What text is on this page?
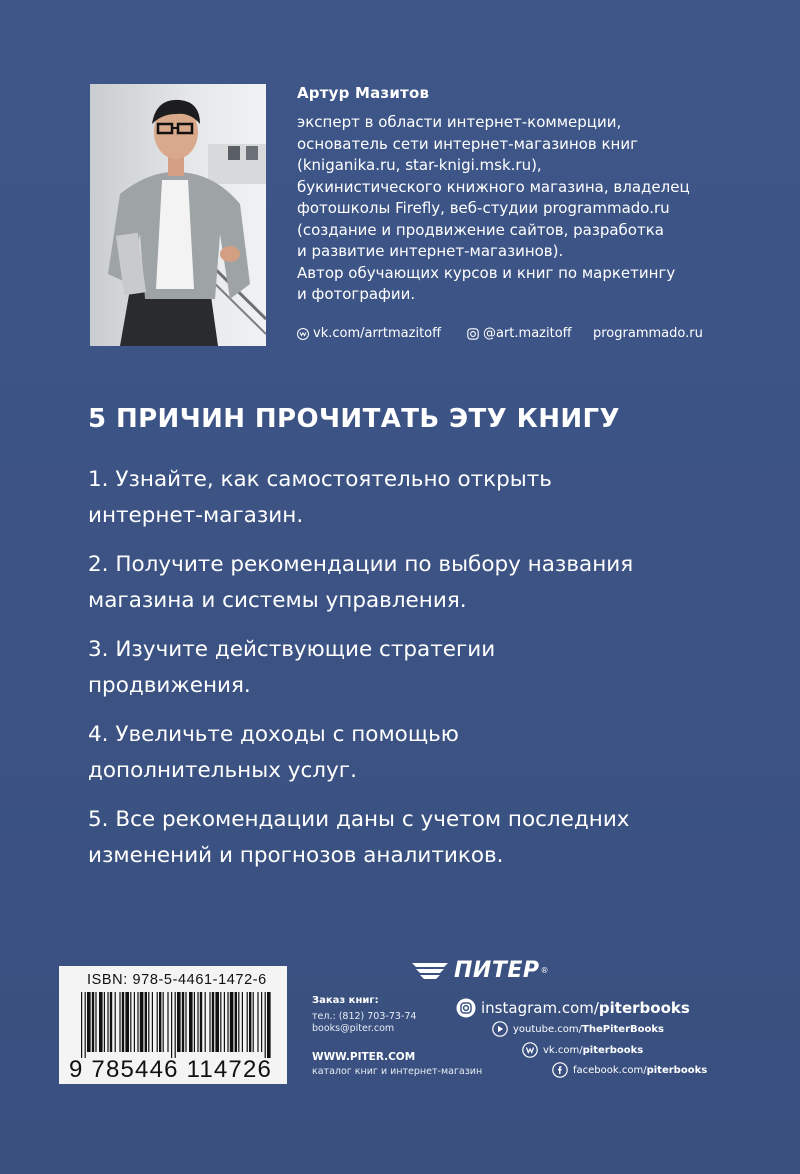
Артур Мазитов
эксперт в области интернет-коммерции,
основатель сети интернет-магазинов книг
(kniganika.ru, star-knigi.msk.ru),
букинистического книжного магазина, владелец
фотошколы Firefly, веб-студии programmado.ru
(создание и продвижение сайтов, разработка
и развитие интернет-магазинов).
Автор обучающих курсов и книг по маркетингу
и фотографии.
vk.com/arrtmazitoff	@art.mazitoff programmado.ru
5 ПРИЧИН ПРОЧИТАТЬ ЭТУ КНИГУ
1. Узнайте, как самостоятельно открыть
интернет-магазин.
2. Получите рекомендации по выбору названия
магазина и системы управления.
3. Изучите действующие стратегии
продвижения.
4. Увеличьте доходы с помощью
дополнительных услуг.
5. Все рекомендации даны с учетом последних
изменений и прогнозов аналитиков.
ISBN: 978-5-4461-1472-6
9 785446 114726
ПИТЕР ®
Заказ книг:
тел.: (812) 703-73-74
books@piter.com
WWW.PITER.COM
каталог книг и интернет-магазин
instagram.com/ piterbooks
youtube.com/ ThePiterBooks
vk.com/ piterbooks
facebook.com/ piterbooks
